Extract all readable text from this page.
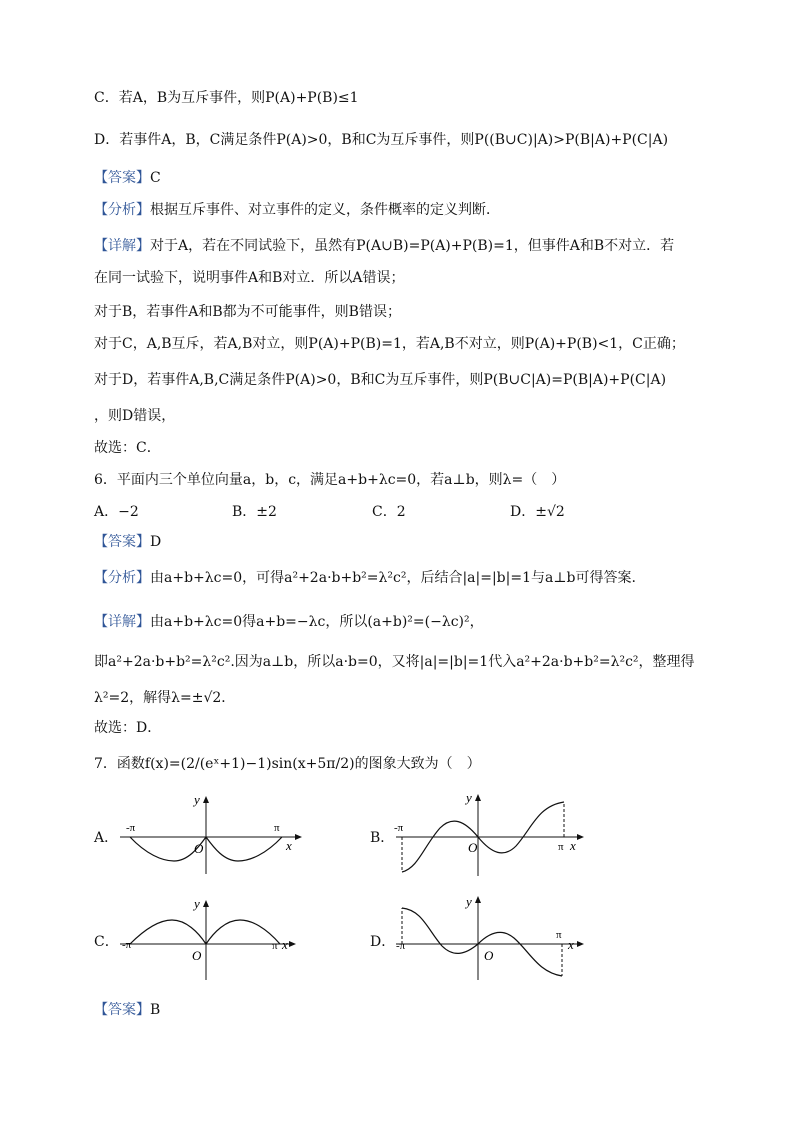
C．若A，B为互斥事件，则P(A)+P(B)≤1
D．若事件A，B，C满足条件P(A)>0，B和C为互斥事件，则P((B∪C)|A)>P(B|A)+P(C|A)
【答案】C
【分析】根据互斥事件、对立事件的定义，条件概率的定义判断．
【详解】对于A，若在不同试验下，虽然有P(A∪B)=P(A)+P(B)=1，但事件A和B不对立．若
在同一试验下，说明事件A和B对立．所以A错误；
对于B，若事件A和B都为不可能事件，则B错误；
对于C，A,B互斥，若A,B对立，则P(A)+P(B)=1，若A,B不对立，则P(A)+P(B)<1，C正确；
对于D，若事件A,B,C满足条件P(A)>0，B和C为互斥事件，则P(B∪C|A)=P(B|A)+P(C|A)
，则D错误，
故选：C．
6．平面内三个单位向量a，b，c，满足a+b+λc=0，若a⊥b，则λ=（　）
A．−2	B．±2	C．2	D．±√2
【答案】D
【分析】由a+b+λc=0，可得a²+2a·b+b²=λ²c²，后结合|a|=|b|=1与a⊥b可得答案.
【详解】由a+b+λc=0得a+b=−λc，所以(a+b)²=(−λc)²，
即a²+2a·b+b²=λ²c².因为a⊥b，所以a·b=0，又将|a|=|b|=1代入a²+2a·b+b²=λ²c²，整理得
λ²=2，解得λ=±√2．
故选：D．
7．函数f(x)=(2/(eˣ+1)−1)sin(x+5π/2)的图象大致为（　）
A．
-π	π
y
x
O
B．
-π
π
y
x
O
C． -π	π
y
x
O
D． -π
π
y
x
O
【答案】B
